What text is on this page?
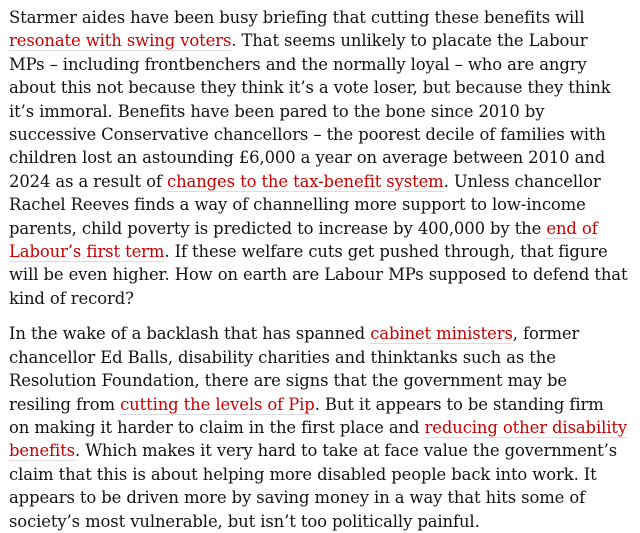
Starmer aides have been busy briefing that cutting these benefits will resonate with swing voters. That seems unlikely to placate the Labour MPs – including frontbenchers and the normally loyal – who are angry about this not because they think it’s a vote loser, but because they think it’s immoral. Benefits have been pared to the bone since 2010 by successive Conservative chancellors – the poorest decile of families with children lost an astounding £6,000 a year on average between 2010 and 2024 as a result of changes to the tax-benefit system. Unless chancellor Rachel Reeves finds a way of channelling more support to low-income parents, child poverty is predicted to increase by 400,000 by the end of Labour’s first term. If these welfare cuts get pushed through, that figure will be even higher. How on earth are Labour MPs supposed to defend that kind of record?

In the wake of a backlash that has spanned cabinet ministers, former chancellor Ed Balls, disability charities and thinktanks such as the Resolution Foundation, there are signs that the government may be resiling from cutting the levels of Pip. But it appears to be standing firm on making it harder to claim in the first place and reducing other disability benefits. Which makes it very hard to take at face value the government’s claim that this is about helping more disabled people back into work. It appears to be driven more by saving money in a way that hits some of society’s most vulnerable, but isn’t too politically painful.
